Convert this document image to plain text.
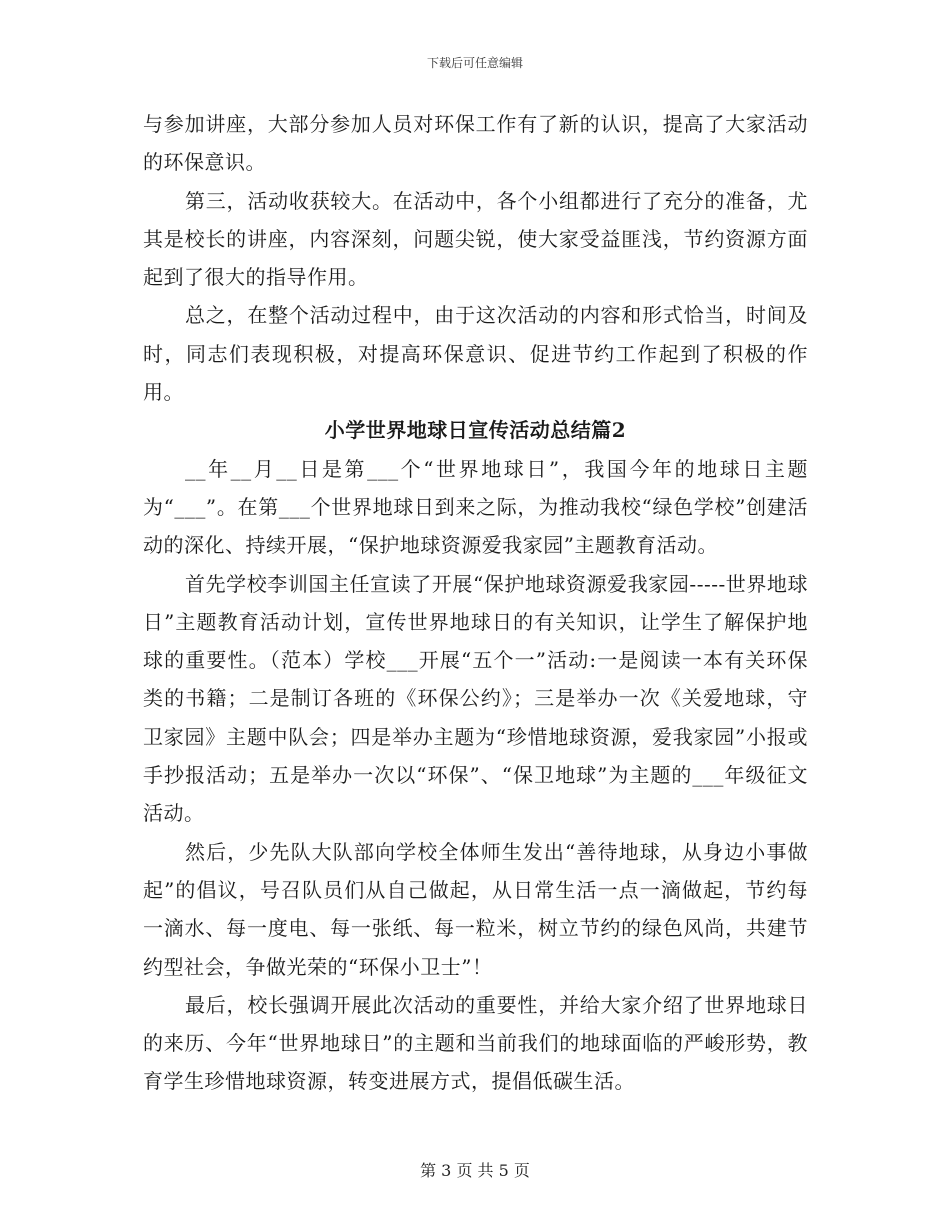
下载后可任意编辑

与参加讲座，大部分参加人员对环保工作有了新的认识，提高了大家活动的环保意识。

第三，活动收获较大。在活动中，各个小组都进行了充分的准备，尤其是校长的讲座，内容深刻，问题尖锐，使大家受益匪浅，节约资源方面起到了很大的指导作用。

总之，在整个活动过程中，由于这次活动的内容和形式恰当，时间及时，同志们表现积极，对提高环保意识、促进节约工作起到了积极的作用。

小学世界地球日宣传活动总结篇2

__年__月__日是第___个“世界地球日”，我国今年的地球日主题为“___”。在第___个世界地球日到来之际，为推动我校“绿色学校”创建活动的深化、持续开展，“保护地球资源爱我家园”主题教育活动。

首先学校李训国主任宣读了开展“保护地球资源爱我家园-----世界地球日”主题教育活动计划，宣传世界地球日的有关知识，让学生了解保护地球的重要性。（范本）学校___开展“五个一”活动:一是阅读一本有关环保类的书籍；二是制订各班的《环保公约》；三是举办一次《关爱地球，守卫家园》主题中队会；四是举办主题为“珍惜地球资源，爱我家园”小报或手抄报活动；五是举办一次以“环保”、“保卫地球”为主题的___年级征文活动。

然后，少先队大队部向学校全体师生发出“善待地球，从身边小事做起”的倡议，号召队员们从自己做起，从日常生活一点一滴做起，节约每一滴水、每一度电、每一张纸、每一粒米，树立节约的绿色风尚，共建节约型社会，争做光荣的“环保小卫士”！

最后，校长强调开展此次活动的重要性，并给大家介绍了世界地球日的来历、今年“世界地球日”的主题和当前我们的地球面临的严峻形势，教育学生珍惜地球资源，转变进展方式，提倡低碳生活。

第 3 页 共 5 页
